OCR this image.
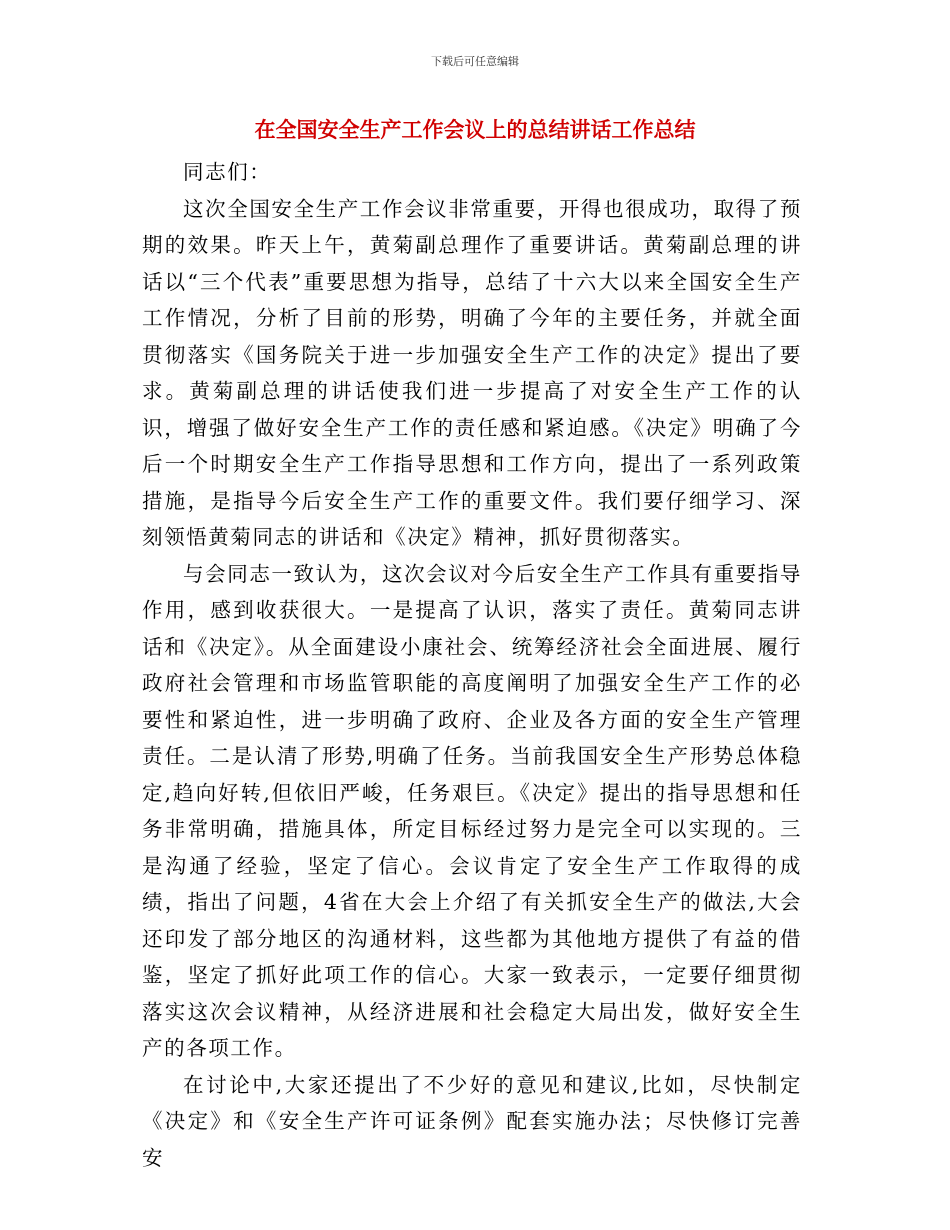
下载后可任意编辑
在全国安全生产工作会议上的总结讲话工作总结

同志们：

这次全国安全生产工作会议非常重要，开得也很成功，取得了预期的效果。昨天上午，黄菊副总理作了重要讲话。黄菊副总理的讲话以“三个代表”重要思想为指导，总结了十六大以来全国安全生产工作情况，分析了目前的形势，明确了今年的主要任务，并就全面贯彻落实《国务院关于进一步加强安全生产工作的决定》提出了要求。黄菊副总理的讲话使我们进一步提高了对安全生产工作的认识，增强了做好安全生产工作的责任感和紧迫感。《决定》明确了今后一个时期安全生产工作指导思想和工作方向，提出了一系列政策措施，是指导今后安全生产工作的重要文件。我们要仔细学习、深刻领悟黄菊同志的讲话和《决定》精神，抓好贯彻落实。

与会同志一致认为，这次会议对今后安全生产工作具有重要指导作用，感到收获很大。一是提高了认识，落实了责任。黄菊同志讲话和《决定》。从全面建设小康社会、统筹经济社会全面进展、履行政府社会管理和市场监管职能的高度阐明了加强安全生产工作的必要性和紧迫性，进一步明确了政府、企业及各方面的安全生产管理责任。二是认清了形势,明确了任务。当前我国安全生产形势总体稳定,趋向好转,但依旧严峻，任务艰巨。《决定》提出的指导思想和任务非常明确，措施具体，所定目标经过努力是完全可以实现的。三是沟通了经验，坚定了信心。会议肯定了安全生产工作取得的成绩，指出了问题，4省在大会上介绍了有关抓安全生产的做法,大会还印发了部分地区的沟通材料，这些都为其他地方提供了有益的借鉴，坚定了抓好此项工作的信心。大家一致表示，一定要仔细贯彻落实这次会议精神，从经济进展和社会稳定大局出发，做好安全生产的各项工作。

在讨论中,大家还提出了不少好的意见和建议,比如，尽快制定《决定》和《安全生产许可证条例》配套实施办法；尽快修订完善安
